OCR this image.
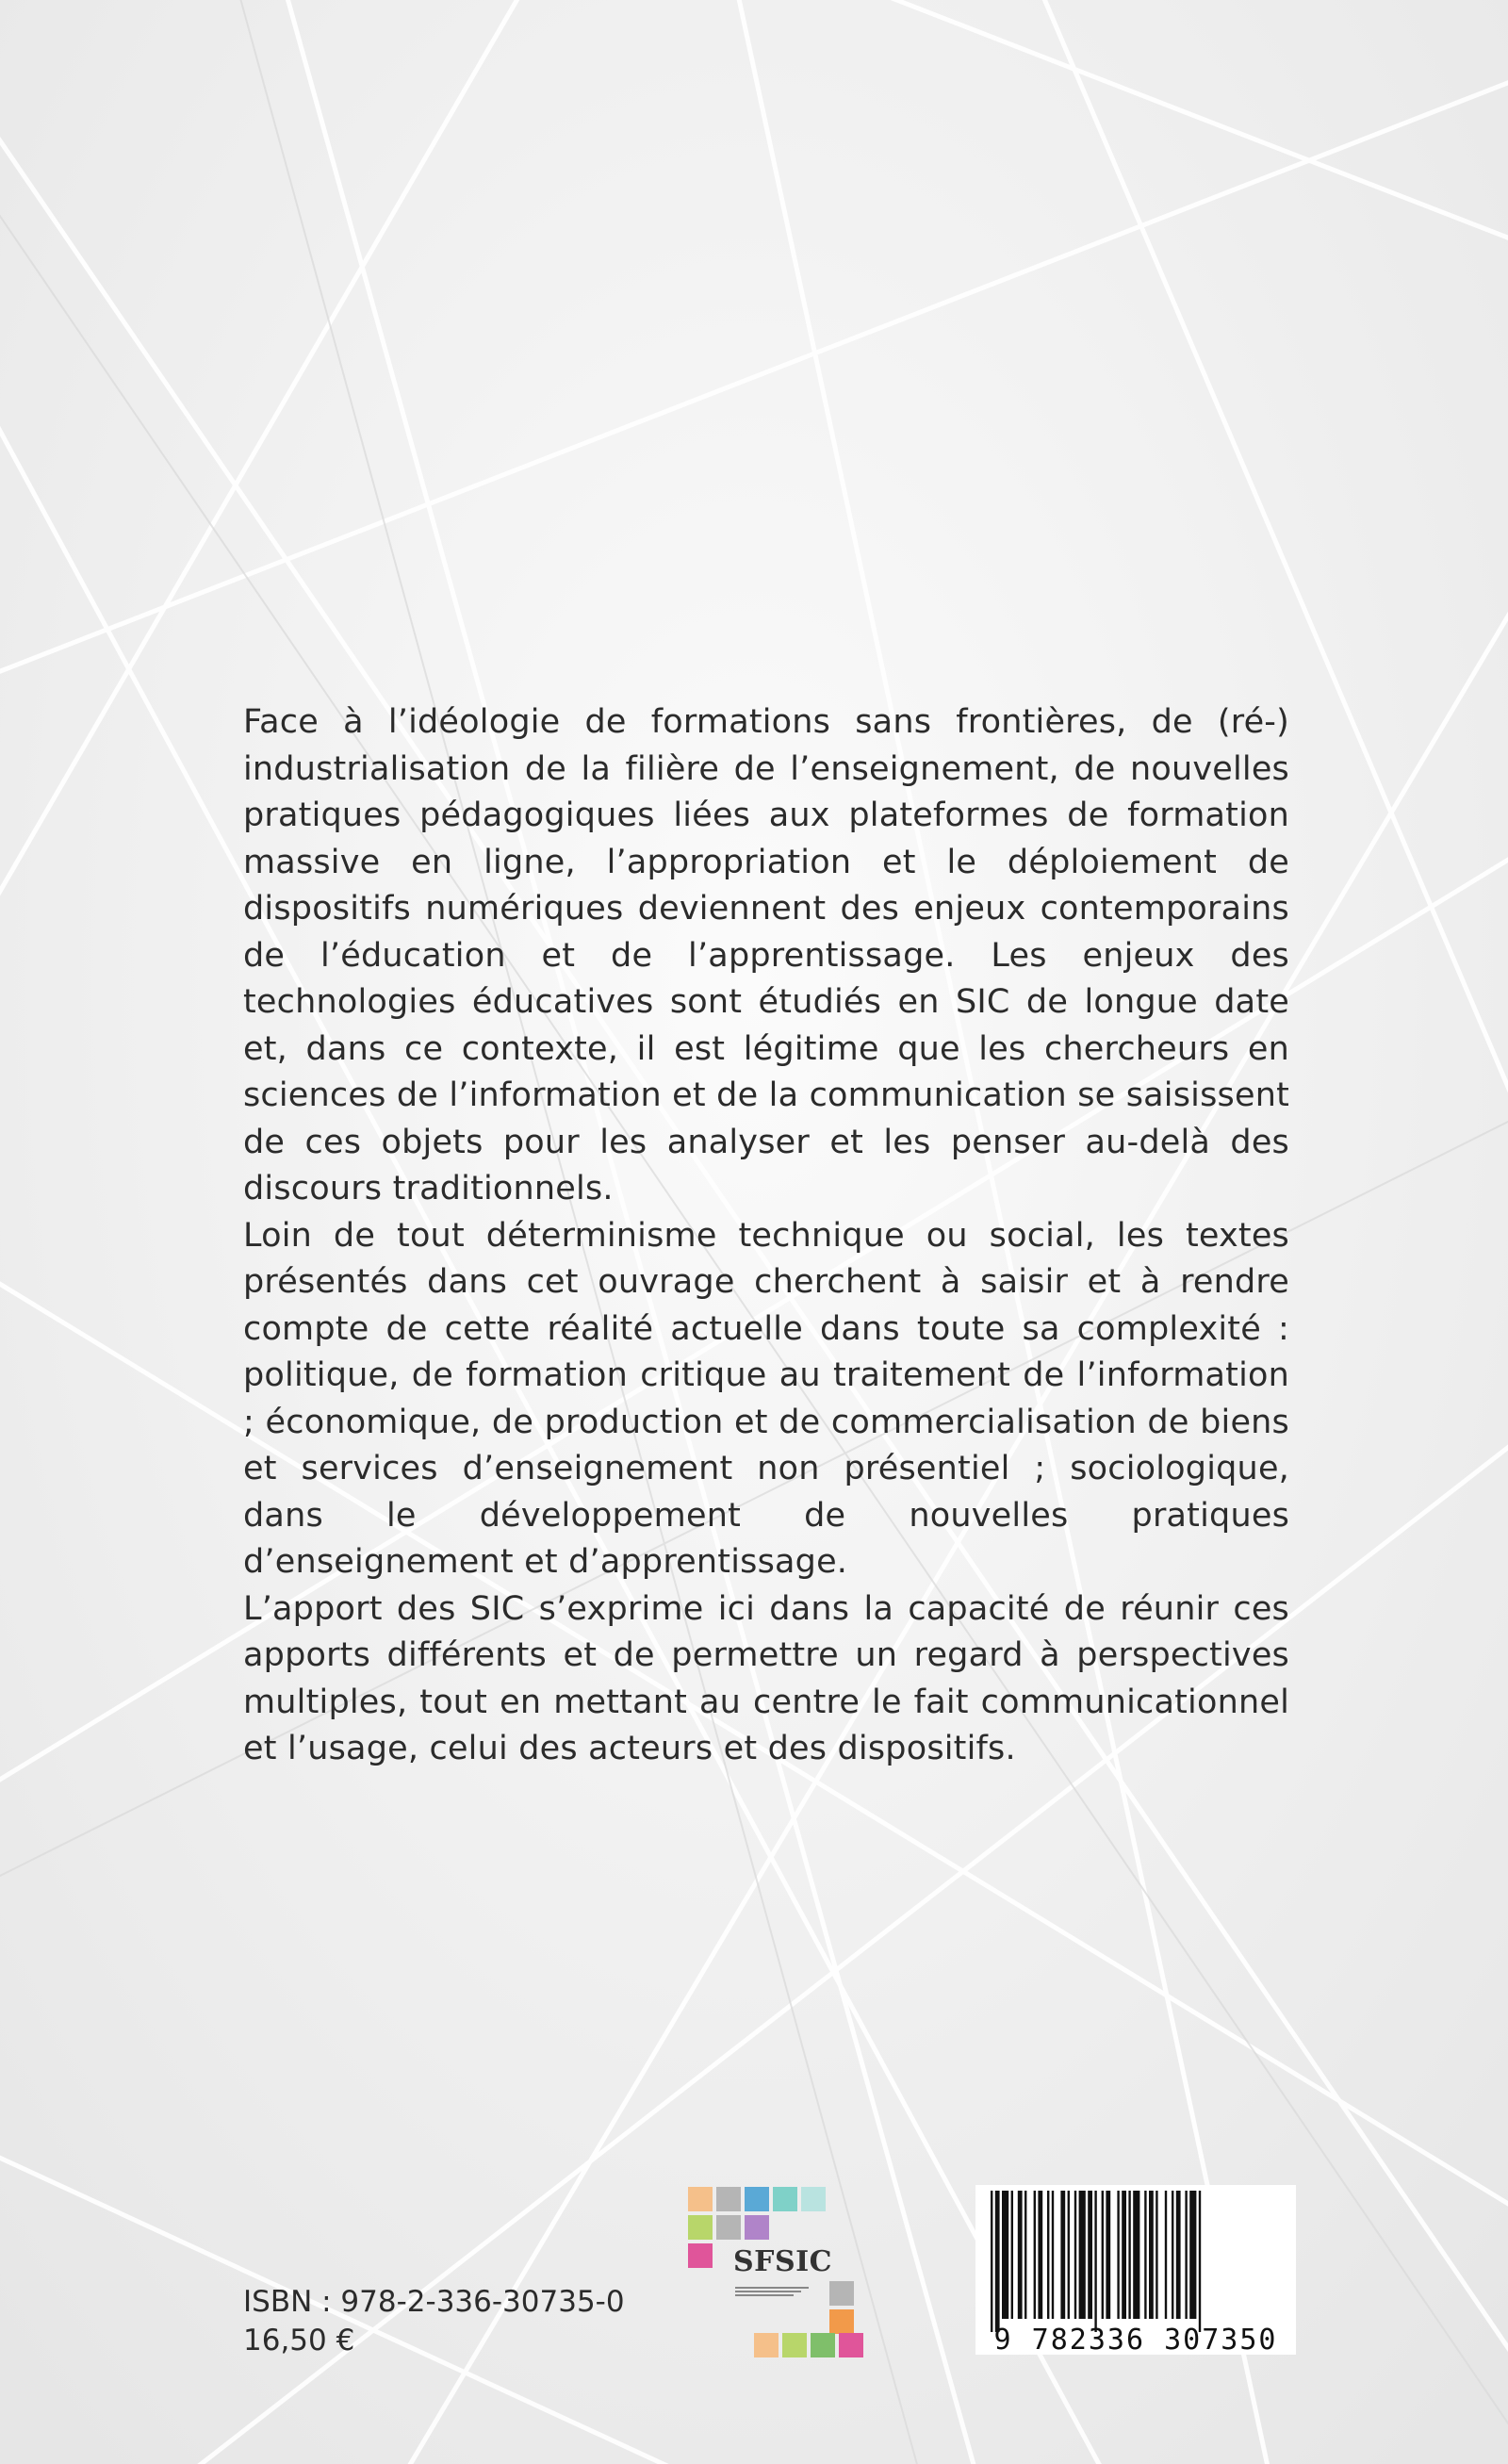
Face à l’idéologie de formations sans frontières, de (ré-) industrialisation de la filière de l’enseignement, de nouvelles pratiques pédagogiques liées aux plateformes de formation massive en ligne, l’appropriation et le déploiement de dispositifs numériques deviennent des enjeux contemporains de l’éducation et de l’apprentissage. Les enjeux des technologies éducatives sont étudiés en SIC de longue date et, dans ce contexte, il est légitime que les chercheurs en sciences de l’information et de la communication se saisissent de ces objets pour les analyser et les penser au-delà des discours traditionnels.

Loin de tout déterminisme technique ou social, les textes présentés dans cet ouvrage cherchent à saisir et à rendre compte de cette réalité actuelle dans toute sa complexité : politique, de formation critique au traitement de l’information ; économique, de production et de commercialisation de biens et services d’enseignement non présentiel ; sociologique, dans le développement de nouvelles pratiques d’enseignement et d’apprentissage.

L’apport des SIC s’exprime ici dans la capacité de réunir ces apports différents et de permettre un regard à perspectives multiples, tout en mettant au centre le fait communicationnel et l’usage, celui des acteurs et des dispositifs.

ISBN : 978-2-336-30735-0
16,50 €
SFSIC
9 782336 307350
